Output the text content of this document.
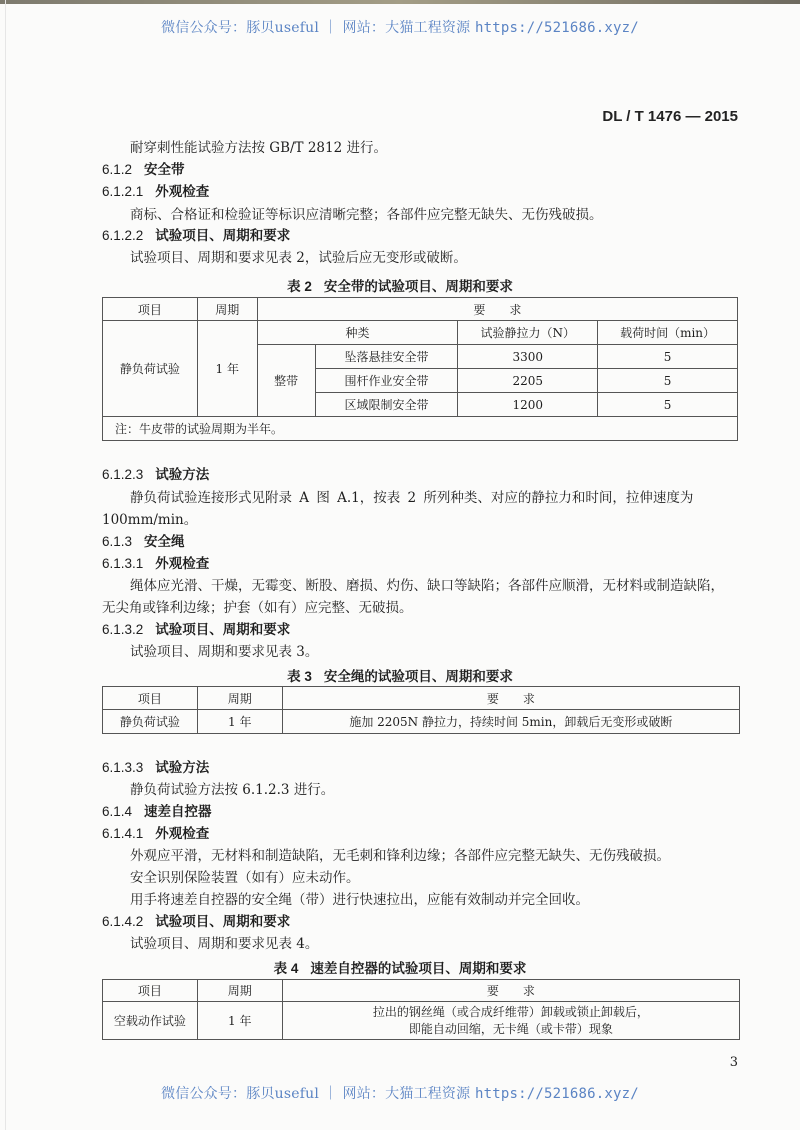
微信公众号：豚贝useful ｜ 网站：大猫工程资源 https://521686.xyz/
DL / T 1476 — 2015
耐穿刺性能试验方法按 GB/T 2812 进行。
6.1.2 安全带
6.1.2.1 外观检查
商标、合格证和检验证等标识应清晰完整；各部件应完整无缺失、无伤残破损。
6.1.2.2 试验项目、周期和要求
试验项目、周期和要求见表 2，试验后应无变形或破断。
表 2 安全带的试验项目、周期和要求
项目	周期	要　　求			
静负荷试验	1 年	种类		试验静拉力（N）	载荷时间（min）
		整带	坠落悬挂安全带	3300	5
			围杆作业安全带	2205	5
			区域限制安全带	1200	5
注：牛皮带的试验周期为半年。					
6.1.2.3 试验方法
静负荷试验连接形式见附录 A 图 A.1，按表 2 所列种类、对应的静拉力和时间，拉伸速度为
100mm/min。
6.1.3 安全绳
6.1.3.1 外观检查
绳体应光滑、干燥，无霉变、断股、磨损、灼伤、缺口等缺陷；各部件应顺滑，无材料或制造缺陷，
无尖角或锋利边缘；护套（如有）应完整、无破损。
6.1.3.2 试验项目、周期和要求
试验项目、周期和要求见表 3。
表 3 安全绳的试验项目、周期和要求
项目	周期	要　　求
静负荷试验	1 年	施加 2205N 静拉力，持续时间 5min，卸载后无变形或破断
6.1.3.3 试验方法
静负荷试验方法按 6.1.2.3 进行。
6.1.4 速差自控器
6.1.4.1 外观检查
外观应平滑，无材料和制造缺陷，无毛刺和锋利边缘；各部件应完整无缺失、无伤残破损。
安全识别保险装置（如有）应未动作。
用手将速差自控器的安全绳（带）进行快速拉出，应能有效制动并完全回收。
6.1.4.2 试验项目、周期和要求
试验项目、周期和要求见表 4。
表 4 速差自控器的试验项目、周期和要求
项目	周期	要　　求
空载动作试验	1 年	拉出的钢丝绳（或合成纤维带）卸载或锁止卸载后，
即能自动回缩，无卡绳（或卡带）现象
3
微信公众号：豚贝useful ｜ 网站：大猫工程资源 https://521686.xyz/
